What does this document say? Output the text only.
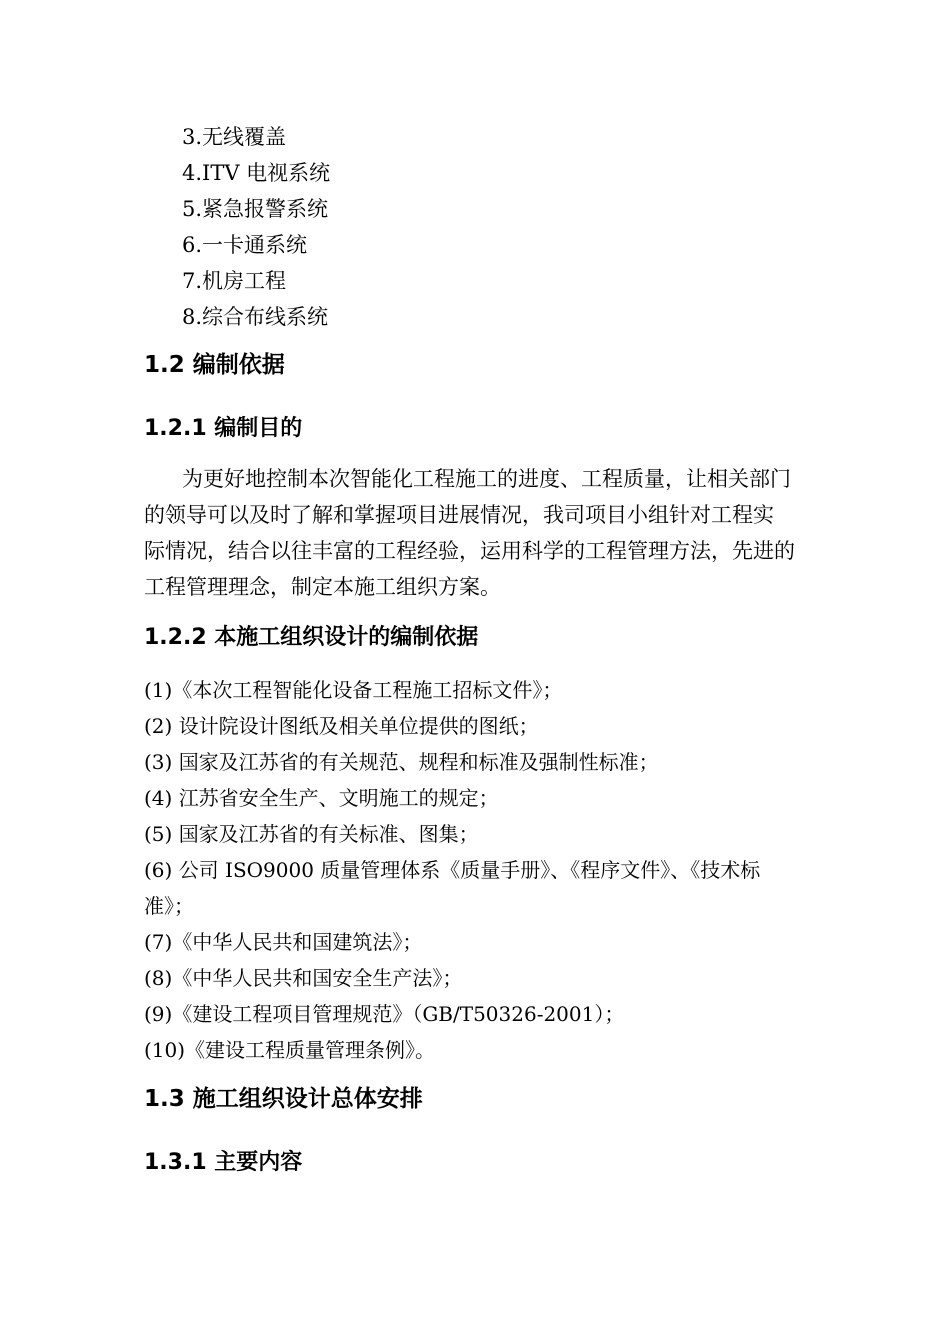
3.无线覆盖
4.ITV 电视系统
5.紧急报警系统
6.一卡通系统
7.机房工程
8.综合布线系统
1.2 编制依据
1.2.1 编制目的
为更好地控制本次智能化工程施工的进度、工程质量，让相关部门
的领导可以及时了解和掌握项目进展情况，我司项目小组针对工程实
际情况，结合以往丰富的工程经验，运用科学的工程管理方法，先进的
工程管理理念，制定本施工组织方案。
1.2.2 本施工组织设计的编制依据
(1)《本次工程智能化设备工程施工招标文件》；
(2) 设计院设计图纸及相关单位提供的图纸；
(3) 国家及江苏省的有关规范、规程和标准及强制性标准；
(4) 江苏省安全生产、文明施工的规定；
(5) 国家及江苏省的有关标准、图集；
(6) 公司 ISO9000 质量管理体系《质量手册》、《程序文件》、《技术标
准》；
(7)《中华人民共和国建筑法》；
(8)《中华人民共和国安全生产法》；
(9)《建设工程项目管理规范》（GB/T50326-2001）；
(10)《建设工程质量管理条例》。
1.3 施工组织设计总体安排
1.3.1 主要内容
